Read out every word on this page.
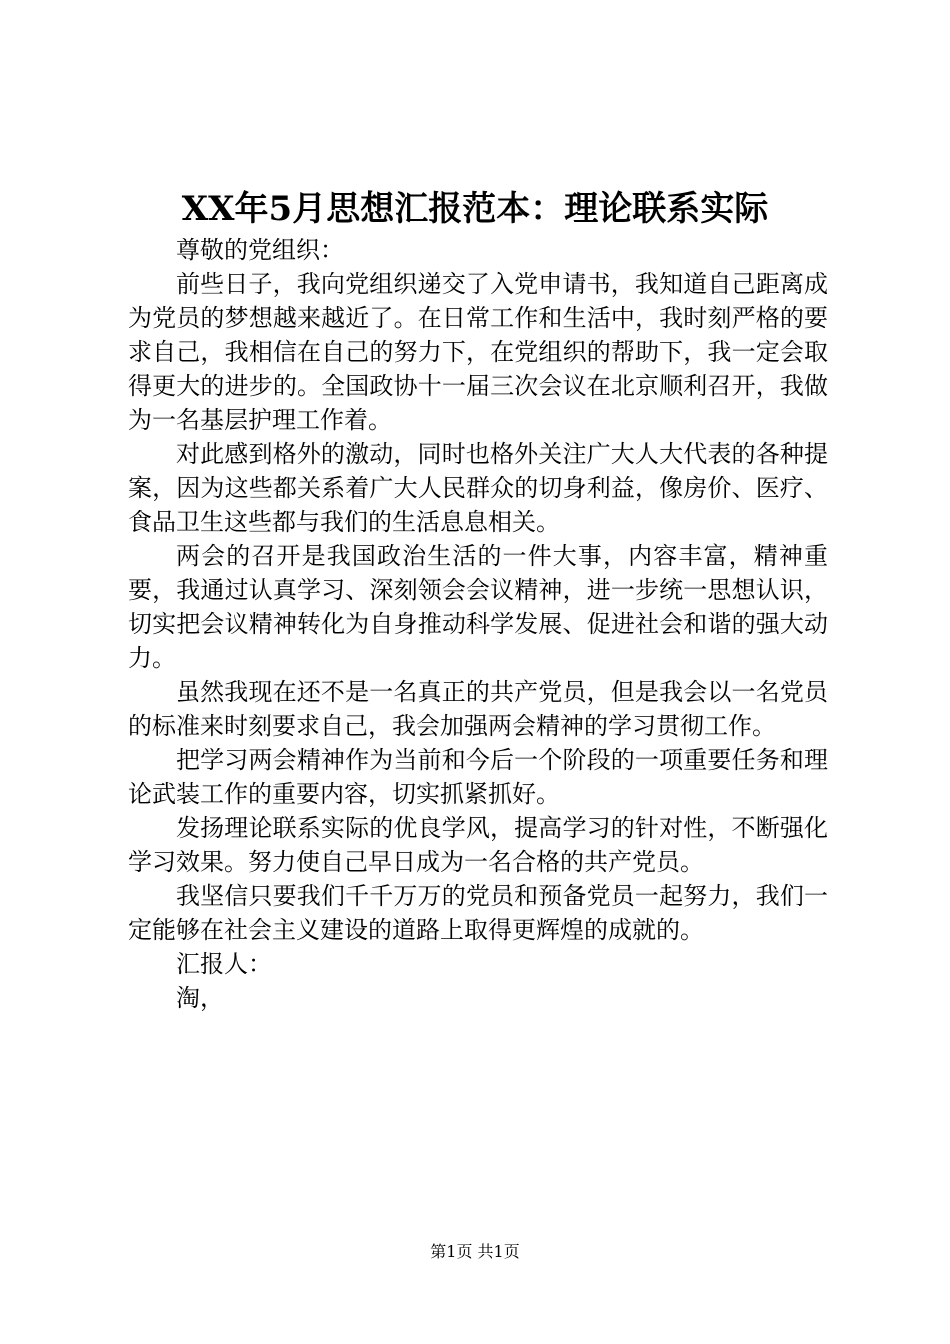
XX年5月思想汇报范本：理论联系实际

尊敬的党组织：

前些日子，我向党组织递交了入党申请书，我知道自己距离成为党员的梦想越来越近了。在日常工作和生活中，我时刻严格的要求自己，我相信在自己的努力下，在党组织的帮助下，我一定会取得更大的进步的。全国政协十一届三次会议在北京顺利召开，我做为一名基层护理工作着。

对此感到格外的激动，同时也格外关注广大人大代表的各种提案，因为这些都关系着广大人民群众的切身利益，像房价、医疗、食品卫生这些都与我们的生活息息相关。

两会的召开是我国政治生活的一件大事，内容丰富，精神重要，我通过认真学习、深刻领会会议精神，进一步统一思想认识，切实把会议精神转化为自身推动科学发展、促进社会和谐的强大动力。

虽然我现在还不是一名真正的共产党员，但是我会以一名党员的标准来时刻要求自己，我会加强两会精神的学习贯彻工作。

把学习两会精神作为当前和今后一个阶段的一项重要任务和理论武装工作的重要内容，切实抓紧抓好。

发扬理论联系实际的优良学风，提高学习的针对性，不断强化学习效果。努力使自己早日成为一名合格的共产党员。

我坚信只要我们千千万万的党员和预备党员一起努力，我们一定能够在社会主义建设的道路上取得更辉煌的成就的。

汇报人：

淘，

第1页 共1页
